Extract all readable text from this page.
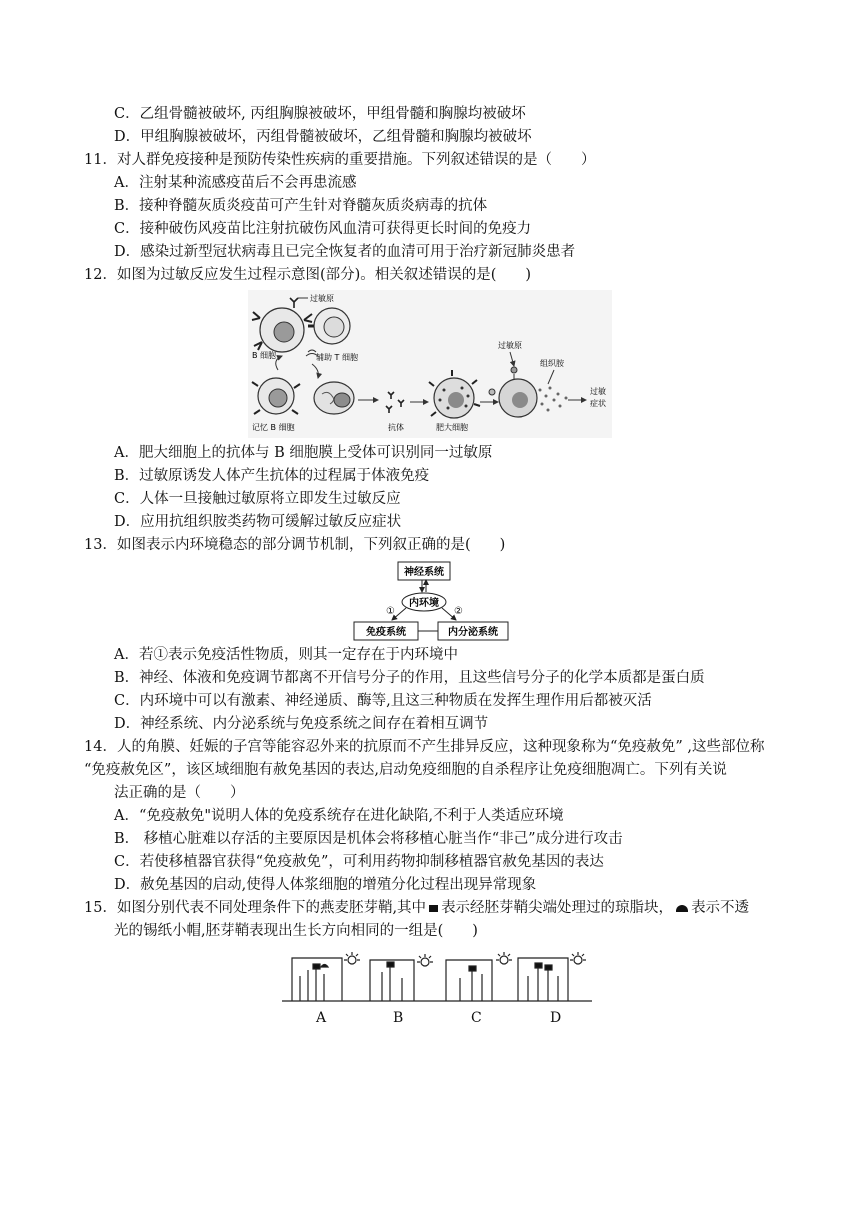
C．乙组骨髓被破坏, 丙组胸腺被破坏，甲组骨髓和胸腺均被破坏
D．甲组胸腺被破坏，丙组骨髓被破坏，乙组骨髓和胸腺均被破坏
11．对人群免疫接种是预防传染性疾病的重要措施。下列叙述错误的是（　　）
A．注射某种流感疫苗后不会再患流感
B．接种脊髓灰质炎疫苗可产生针对脊髓灰质炎病毒的抗体
C．接种破伤风疫苗比注射抗破伤风血清可获得更长时间的免疫力
D．感染过新型冠状病毒且已完全恢复者的血清可用于治疗新冠肺炎患者
12．如图为过敏反应发生过程示意图(部分)。相关叙述错误的是(　　)
过敏原
B 细胞	辅助 T 细胞
记忆 B 细胞	抗体	肥大细胞
过敏原
组织胺
过敏
症状
A．肥大细胞上的抗体与 B 细胞膜上受体可识别同一过敏原
B．过敏原诱发人体产生抗体的过程属于体液免疫
C．人体一旦接触过敏原将立即发生过敏反应
D．应用抗组织胺类药物可缓解过敏反应症状
13．如图表示内环境稳态的部分调节机制，下列叙正确的是(　　)
神经系统
内环境
①	②
免疫系统	内分泌系统
A．若①表示免疫活性物质，则其一定存在于内环境中
B．神经、体液和免疫调节都离不开信号分子的作用，且这些信号分子的化学本质都是蛋白质
C．内环境中可以有激素、神经递质、酶等,且这三种物质在发挥生理作用后都被灭活
D．神经系统、内分泌系统与免疫系统之间存在着相互调节
14．人的角膜、妊娠的子宫等能容忍外来的抗原而不产生排异反应，这种现象称为“免疫赦免” ,这些部位称
“免疫赦免区”，该区域细胞有赦免基因的表达,启动免疫细胞的自杀程序让免疫细胞凋亡。下列有关说
法正确的是（　　）
A．“免疫赦免"说明人体的免疫系统存在进化缺陷,不利于人类适应环境
B． 移植心脏难以存活的主要原因是机体会将移植心脏当作“非己”成分进行攻击
C．若使移植器官获得“免疫赦免”，可利用药物抑制移植器官赦免基因的表达
D．赦免基因的启动,使得人体浆细胞的增殖分化过程出现异常现象
15．如图分别代表不同处理条件下的燕麦胚芽鞘,其中 表示经胚芽鞘尖端处理过的琼脂块， 表示不透
光的锡纸小帽,胚芽鞘表现出生长方向相同的一组是(　　)
A	B	C	D
